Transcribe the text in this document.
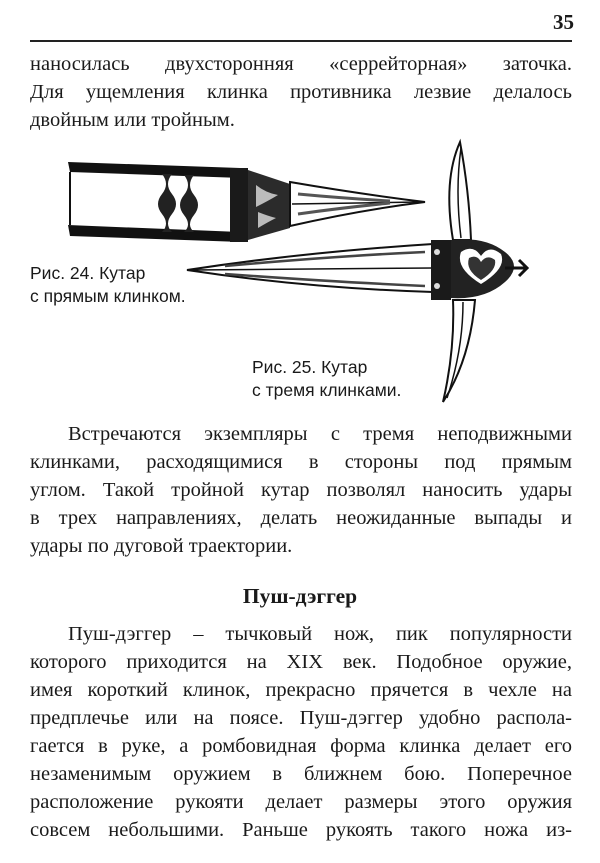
35

наносилась двухсторонняя «серрейторная» заточка.
Для ущемления клинка противника лезвие делалось
двойным или тройным.

Рис. 24. Кутар
с прямым клинком.
Рис. 25. Кутар
с тремя клинками.

Встречаются экземпляры с тремя неподвижными
клинками, расходящимися в стороны под прямым
углом. Такой тройной кутар позволял наносить удары
в трех направлениях, делать неожиданные выпады и
удары по дуговой траектории.

Пуш-дэггер

Пуш-дэггер – тычковый нож, пик популярности
которого приходится на XIX век. Подобное оружие,
имея короткий клинок, прекрасно прячется в чехле на
предплечье или на поясе. Пуш-дэггер удобно распола-
гается в руке, а ромбовидная форма клинка делает его
незаменимым оружием в ближнем бою. Поперечное
расположение рукояти делает размеры этого оружия
совсем небольшими. Раньше рукоять такого ножа из-
